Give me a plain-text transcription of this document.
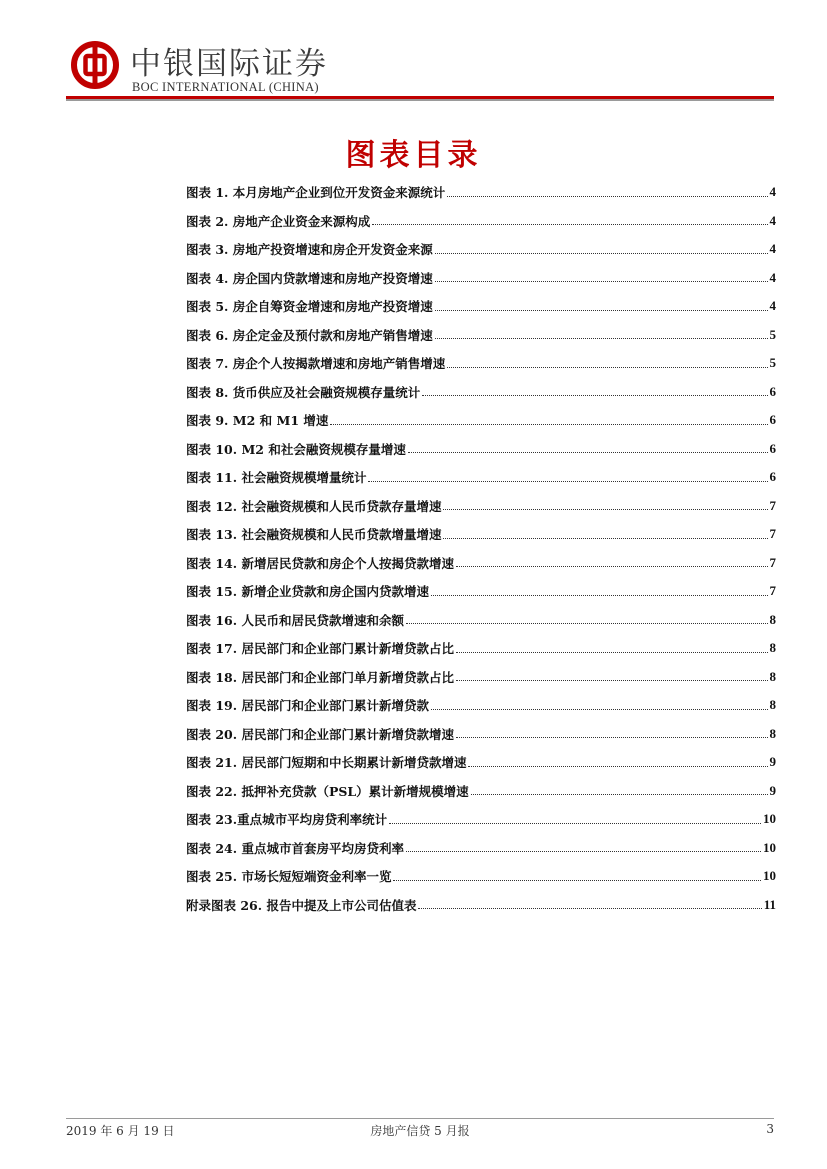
中银国际证券
BOC INTERNATIONAL (CHINA)
图表目录
图表 1. 本月房地产企业到位开发资金来源统计	4
图表 2. 房地产企业资金来源构成	4
图表 3. 房地产投资增速和房企开发资金来源	4
图表 4. 房企国内贷款增速和房地产投资增速	4
图表 5. 房企自筹资金增速和房地产投资增速	4
图表 6. 房企定金及预付款和房地产销售增速	5
图表 7. 房企个人按揭款增速和房地产销售增速	5
图表 8. 货币供应及社会融资规模存量统计	6
图表 9. M2 和 M1 增速	6
图表 10. M2 和社会融资规模存量增速	6
图表 11. 社会融资规模增量统计	6
图表 12. 社会融资规模和人民币贷款存量增速	7
图表 13. 社会融资规模和人民币贷款增量增速	7
图表 14. 新增居民贷款和房企个人按揭贷款增速	7
图表 15. 新增企业贷款和房企国内贷款增速	7
图表 16. 人民币和居民贷款增速和余额	8
图表 17. 居民部门和企业部门累计新增贷款占比	8
图表 18. 居民部门和企业部门单月新增贷款占比	8
图表 19. 居民部门和企业部门累计新增贷款	8
图表 20. 居民部门和企业部门累计新增贷款增速	8
图表 21. 居民部门短期和中长期累计新增贷款增速	9
图表 22. 抵押补充贷款（PSL）累计新增规模增速	9
图表 23.重点城市平均房贷利率统计	10
图表 24. 重点城市首套房平均房贷利率	10
图表 25. 市场长短短端资金利率一览	10
附录图表 26. 报告中提及上市公司估值表	11
2019 年 6 月 19 日	房地产信贷 5 月报	3
